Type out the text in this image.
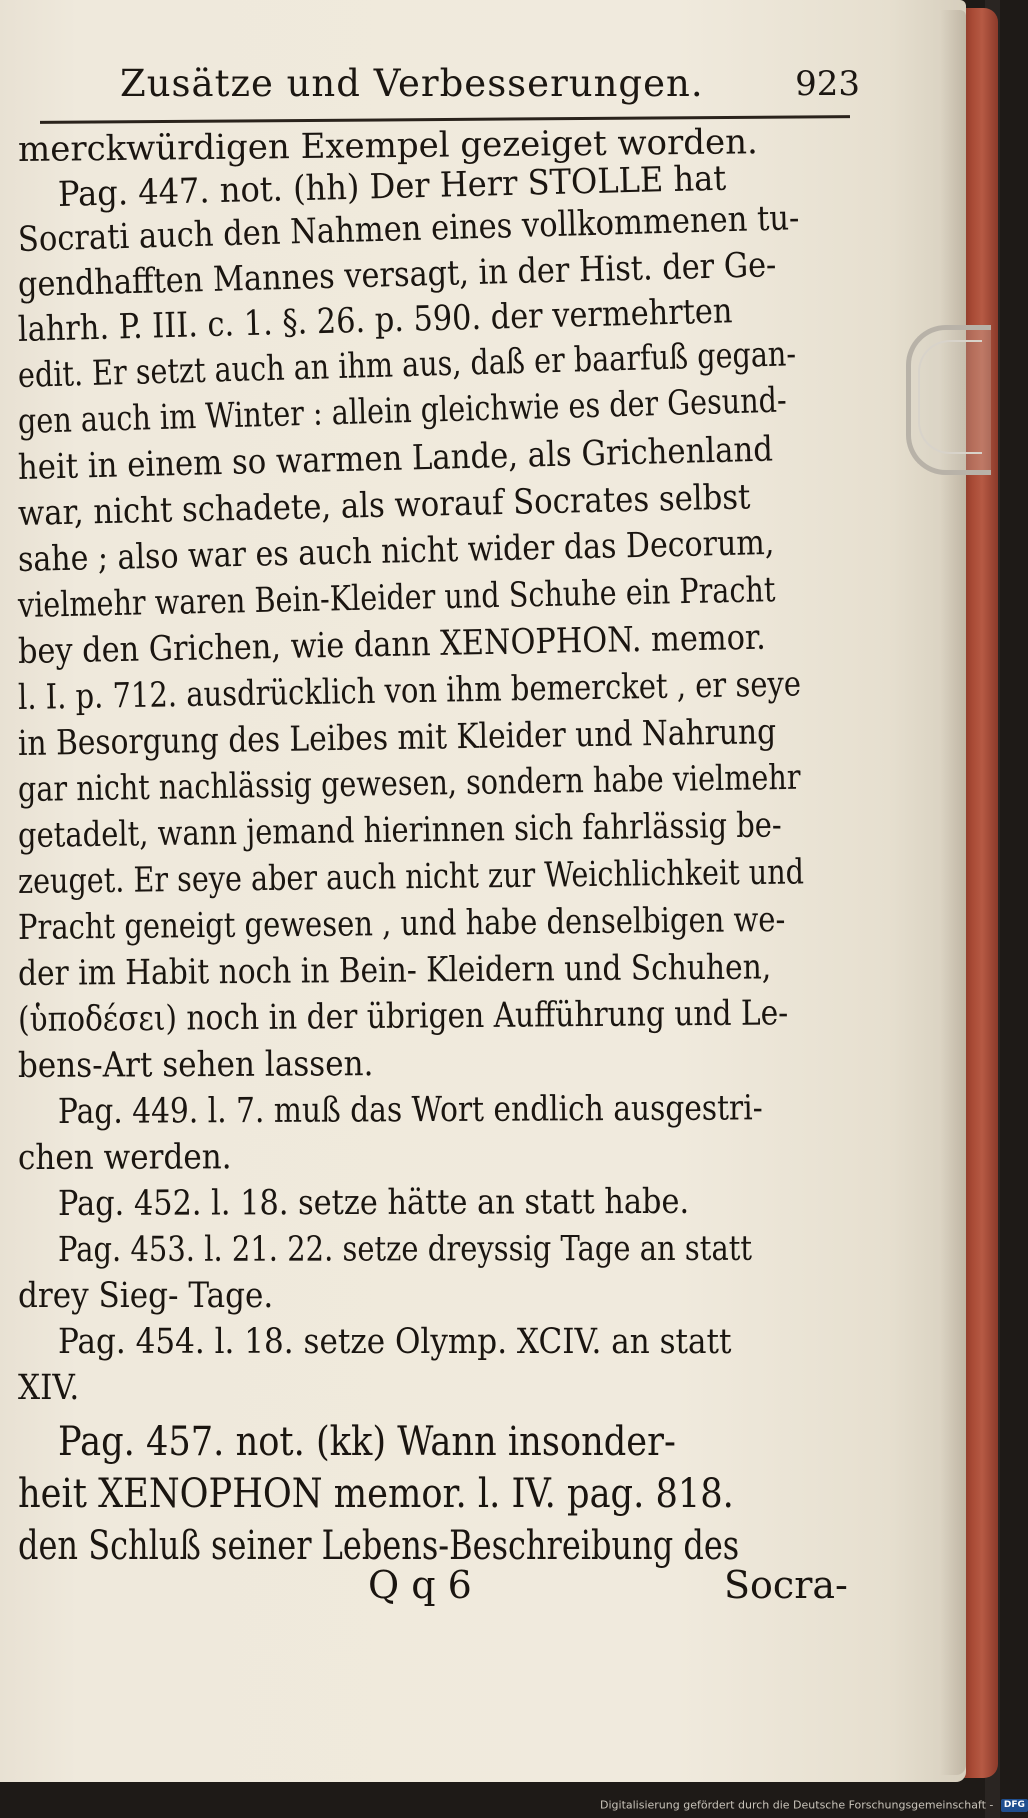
Zusätze und Verbesserungen.	923
merckwürdigen Exempel gezeiget worden.
Pag. 447. not. (hh) Der Herr STOLLE hat
Socrati auch den Nahmen eines vollkommenen tu-
gendhafften Mannes versagt, in der Hist. der Ge-
lahrh. P. III. c. 1. §. 26. p. 590. der vermehrten
edit. Er setzt auch an ihm aus, daß er baarfuß gegan-
gen auch im Winter : allein gleichwie es der Gesund-
heit in einem so warmen Lande, als Grichenland
war, nicht schadete, als worauf Socrates selbst
sahe ; also war es auch nicht wider das Decorum,
vielmehr waren Bein-Kleider und Schuhe ein Pracht
bey den Grichen, wie dann XENOPHON. memor.
l. I. p. 712. ausdrücklich von ihm bemercket , er seye
in Besorgung des Leibes mit Kleider und Nahrung
gar nicht nachlässig gewesen, sondern habe vielmehr
getadelt, wann jemand hierinnen sich fahrlässig be-
zeuget. Er seye aber auch nicht zur Weichlichkeit und
Pracht geneigt gewesen , und habe denselbigen we-
der im Habit noch in Bein- Kleidern und Schuhen,
(ὑποδέσει) noch in der übrigen Aufführung und Le-
bens-Art sehen lassen.
Pag. 449. l. 7. muß das Wort endlich ausgestri-
chen werden.
Pag. 452. l. 18. setze hätte an statt habe.
Pag. 453. l. 21. 22. setze dreyssig Tage an statt
drey Sieg- Tage.
Pag. 454. l. 18. setze Olymp. XCIV. an statt
XIV.
Pag. 457. not. (kk) Wann insonder-
heit XENOPHON memor. l. IV. pag. 818.
den Schluß seiner Lebens-Beschreibung des
Q q 6	Socra-
Digitalisierung gefördert durch die Deutsche Forschungsgemeinschaft - DFG
